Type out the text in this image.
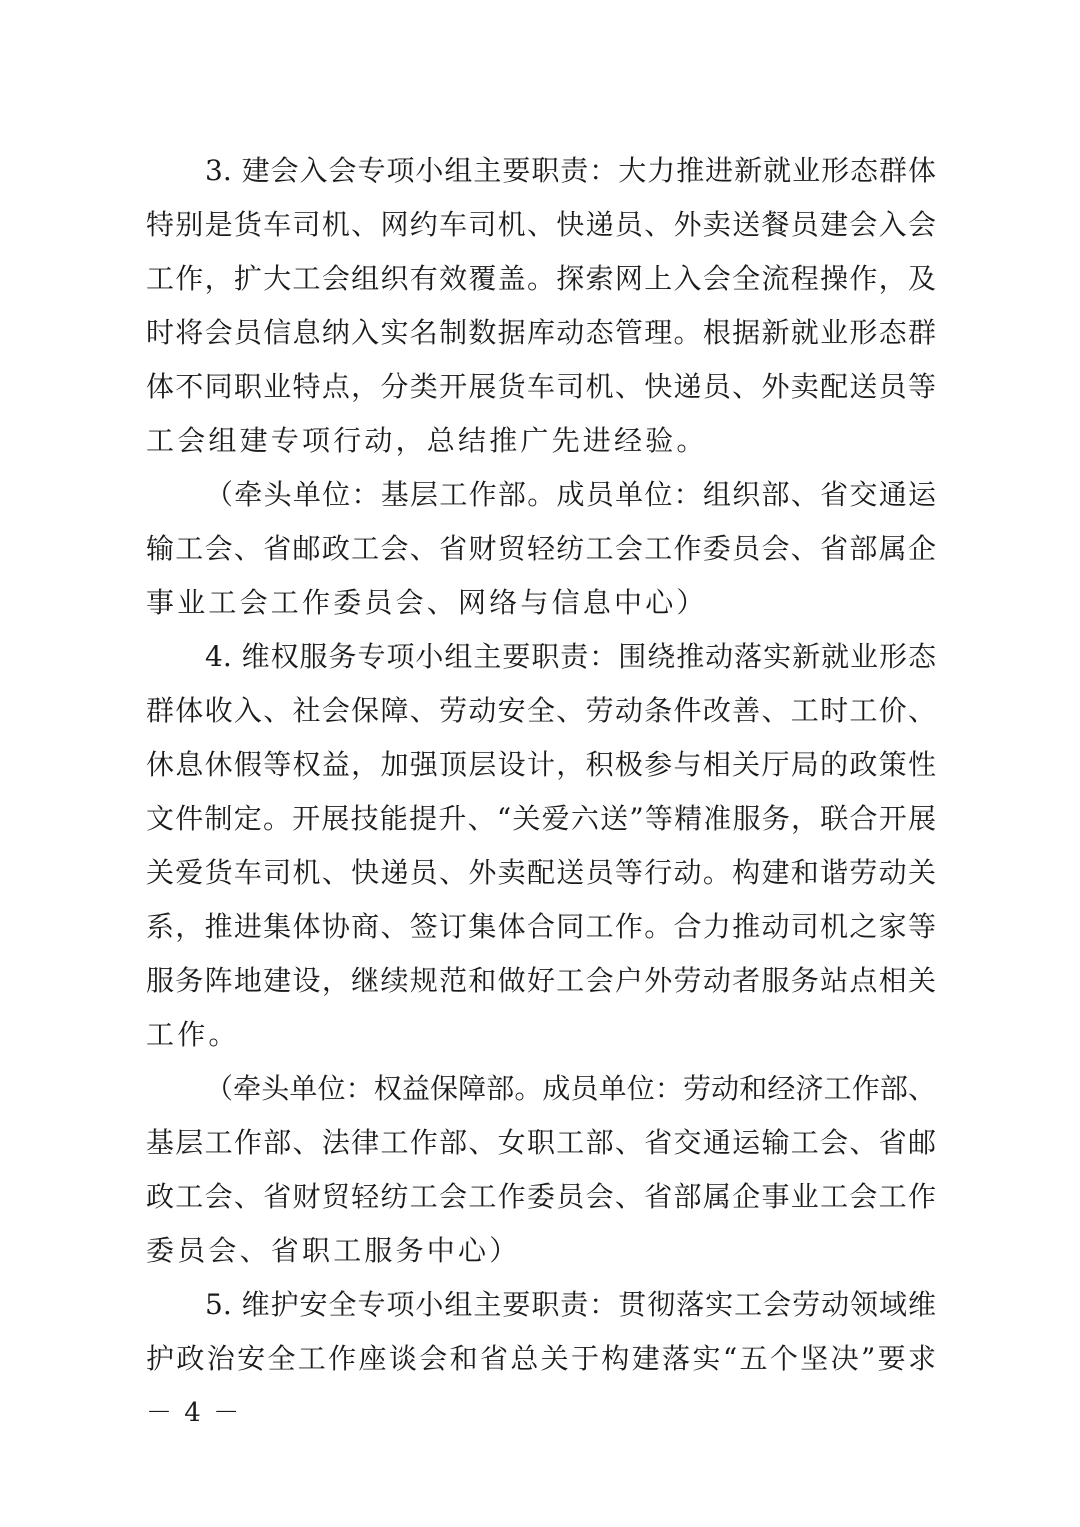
3. 建会入会专项小组主要职责：大力推进新就业形态群体
特别是货车司机、网约车司机、快递员、外卖送餐员建会入会
工作，扩大工会组织有效覆盖。探索网上入会全流程操作，及
时将会员信息纳入实名制数据库动态管理。根据新就业形态群
体不同职业特点，分类开展货车司机、快递员、外卖配送员等
工会组建专项行动，总结推广先进经验。
（牵头单位：基层工作部。成员单位：组织部、省交通运
输工会、省邮政工会、省财贸轻纺工会工作委员会、省部属企
事业工会工作委员会、网络与信息中心）
4. 维权服务专项小组主要职责：围绕推动落实新就业形态
群体收入、社会保障、劳动安全、劳动条件改善、工时工价、
休息休假等权益，加强顶层设计，积极参与相关厅局的政策性
文件制定。开展技能提升、“关爱六送”等精准服务，联合开展
关爱货车司机、快递员、外卖配送员等行动。构建和谐劳动关
系，推进集体协商、签订集体合同工作。合力推动司机之家等
服务阵地建设，继续规范和做好工会户外劳动者服务站点相关
工作。
（牵头单位：权益保障部。成员单位：劳动和经济工作部、
基层工作部、法律工作部、女职工部、省交通运输工会、省邮
政工会、省财贸轻纺工会工作委员会、省部属企事业工会工作
委员会、省职工服务中心）
5. 维护安全专项小组主要职责：贯彻落实工会劳动领域维
护政治安全工作座谈会和省总关于构建落实“五个坚决”要求
－ 4 －
